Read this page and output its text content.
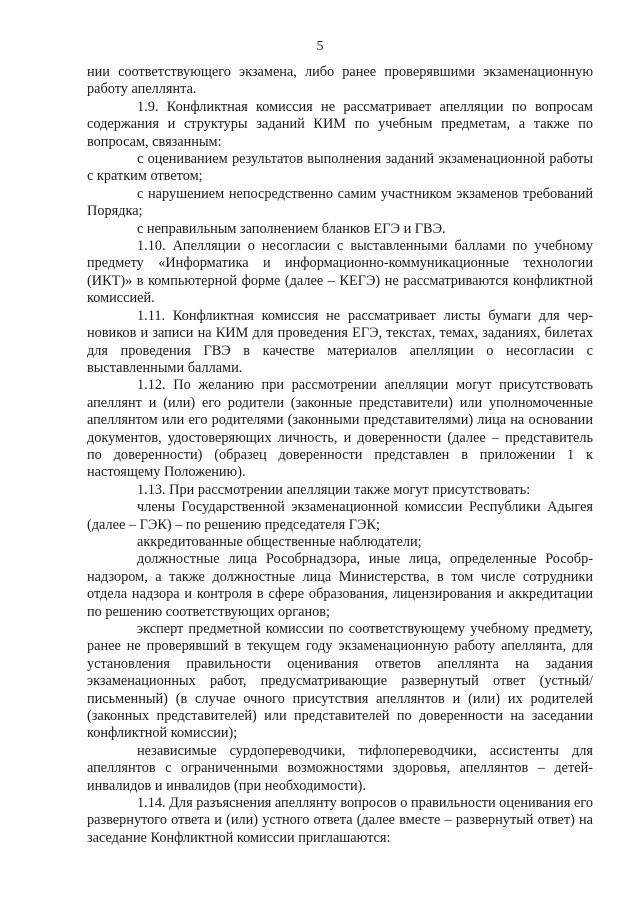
5

нии соответствующего экзамена, либо ранее проверявшими экзаменационную работу апеллянта.

1.9. Конфликтная комиссия не рассматривает апелляции по вопросам содержания и структуры заданий КИМ по учебным предметам, а также по вопросам, связанным:

с оцениванием результатов выполнения заданий экзаменационной работы с кратким ответом;

с нарушением непосредственно самим участником экзаменов требований Порядка;

с неправильным заполнением бланков ЕГЭ и ГВЭ.

1.10. Апелляции о несогласии с выставленными баллами по учебному предмету «Информатика и информационно-коммуникационные технологии (ИКТ)» в компьютерной форме (далее – КЕГЭ) не рассматриваются конфликтной комиссией.

1.11. Конфликтная комиссия не рассматривает листы бумаги для черновиков и записи на КИМ для проведения ЕГЭ, текстах, темах, заданиях, билетах для проведения ГВЭ в качестве материалов апелляции о несогласии с выставленными баллами.

1.12. По желанию при рассмотрении апелляции могут присутствовать апеллянт и (или) его родители (законные представители) или уполномоченные апеллянтом или его родителями (законными представителями) лица на основании документов, удостоверяющих личность, и доверенности (далее – представитель по доверенности) (образец доверенности представлен в приложении 1 к настоящему Положению).

1.13. При рассмотрении апелляции также могут присутствовать:

члены Государственной экзаменационной комиссии Республики Адыгея (далее – ГЭК) – по решению председателя ГЭК;

аккредитованные общественные наблюдатели;

должностные лица Рособрнадзора, иные лица, определенные Рособрнадзором, а также должностные лица Министерства, в том числе сотрудники отдела надзора и контроля в сфере образования, лицензирования и аккредитации по решению соответствующих органов;

эксперт предметной комиссии по соответствующему учебному предмету, ранее не проверявший в текущем году экзаменационную работу апеллянта, для установления правильности оценивания ответов апеллянта на задания экзаменационных работ, предусматривающие развернутый ответ (устный/письменный) (в случае очного присутствия апеллянтов и (или) их родителей (законных представителей) или представителей по доверенности на заседании конфликтной комиссии);

независимые сурдопереводчики, тифлопереводчики, ассистенты для апеллянтов с ограниченными возможностями здоровья, апеллянтов – детей-инвалидов и инвалидов (при необходимости).

1.14. Для разъяснения апеллянту вопросов о правильности оценивания его развернутого ответа и (или) устного ответа (далее вместе – развернутый ответ) на заседание Конфликтной комиссии приглашаются:
